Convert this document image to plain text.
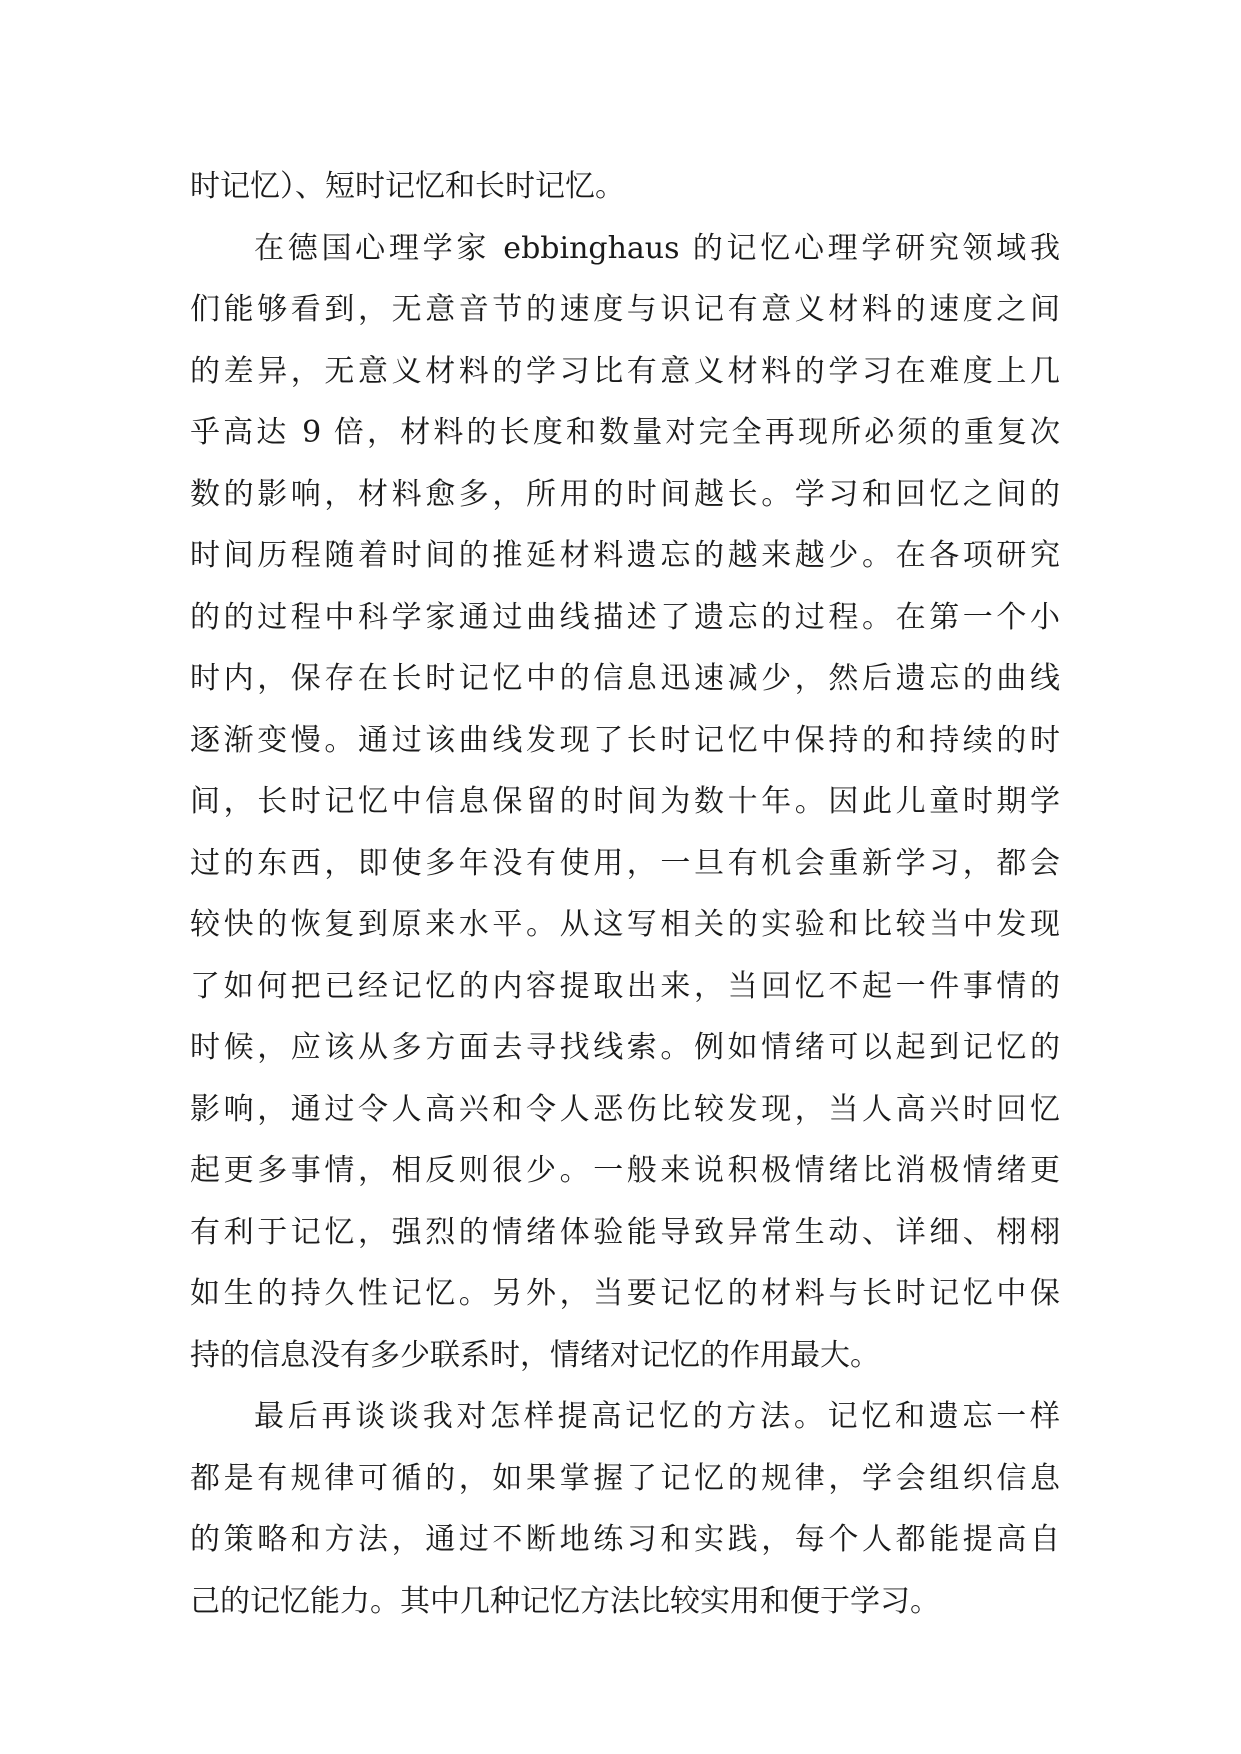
时记忆）、短时记忆和长时记忆。
在德国心理学家 ebbinghaus 的记忆心理学研究领域我
们能够看到，无意音节的速度与识记有意义材料的速度之间
的差异，无意义材料的学习比有意义材料的学习在难度上几
乎高达 9 倍，材料的长度和数量对完全再现所必须的重复次
数的影响，材料愈多，所用的时间越长。学习和回忆之间的
时间历程随着时间的推延材料遗忘的越来越少。在各项研究
的的过程中科学家通过曲线描述了遗忘的过程。在第一个小
时内，保存在长时记忆中的信息迅速减少，然后遗忘的曲线
逐渐变慢。通过该曲线发现了长时记忆中保持的和持续的时
间，长时记忆中信息保留的时间为数十年。因此儿童时期学
过的东西，即使多年没有使用，一旦有机会重新学习，都会
较快的恢复到原来水平。从这写相关的实验和比较当中发现
了如何把已经记忆的内容提取出来，当回忆不起一件事情的
时候，应该从多方面去寻找线索。例如情绪可以起到记忆的
影响，通过令人高兴和令人恶伤比较发现，当人高兴时回忆
起更多事情，相反则很少。一般来说积极情绪比消极情绪更
有利于记忆，强烈的情绪体验能导致异常生动、详细、栩栩
如生的持久性记忆。另外，当要记忆的材料与长时记忆中保
持的信息没有多少联系时，情绪对记忆的作用最大。
最后再谈谈我对怎样提高记忆的方法。记忆和遗忘一样
都是有规律可循的，如果掌握了记忆的规律，学会组织信息
的策略和方法，通过不断地练习和实践，每个人都能提高自
己的记忆能力。其中几种记忆方法比较实用和便于学习。
